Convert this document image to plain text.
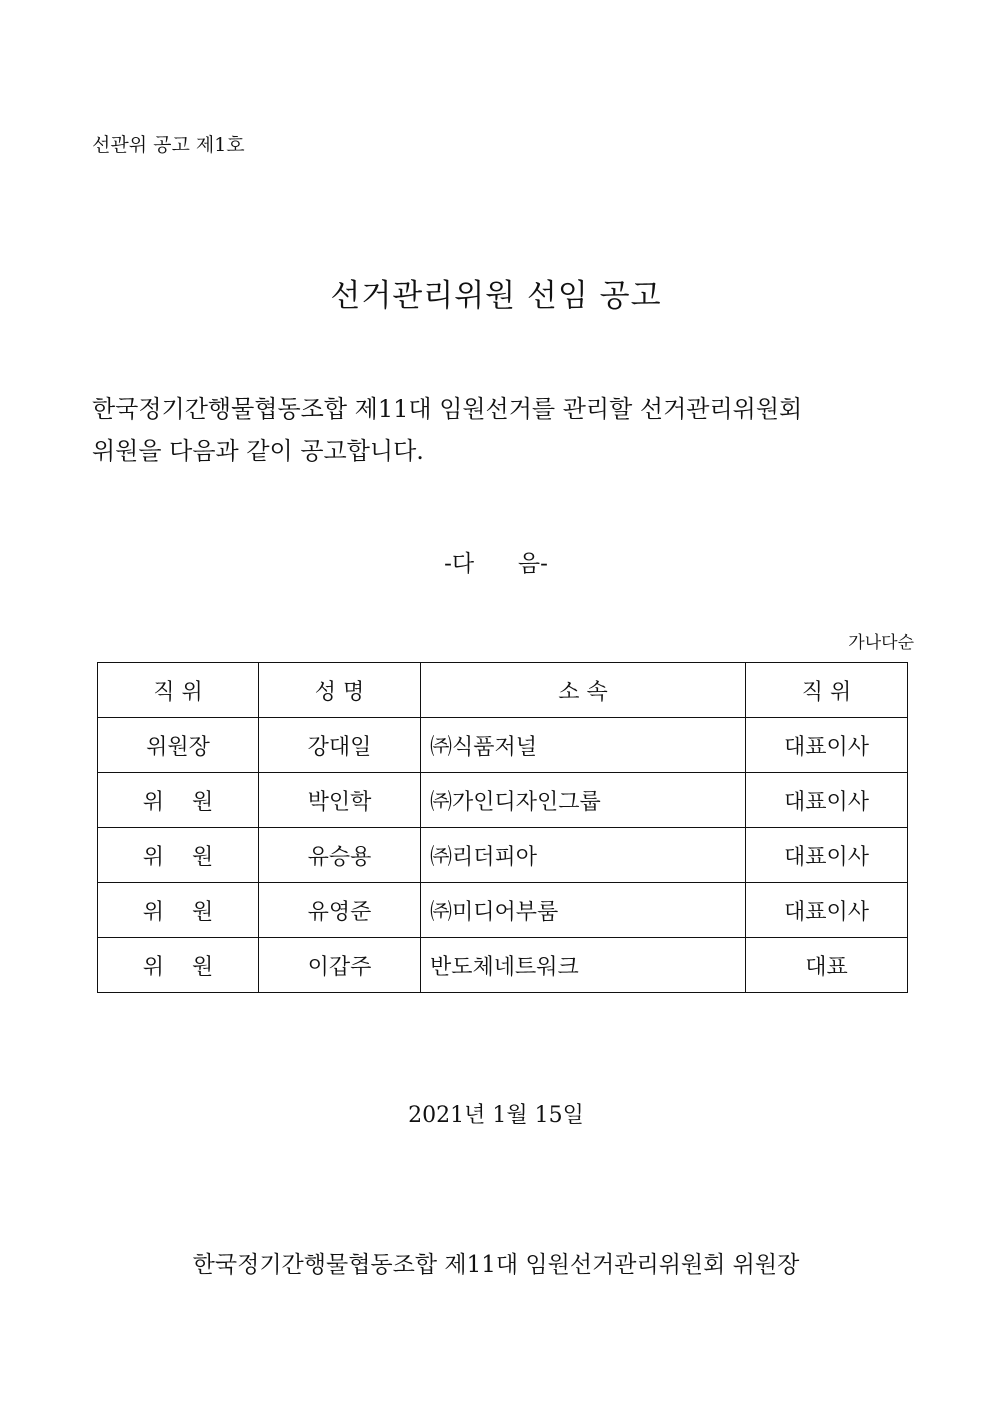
선관위 공고 제1호
선거관리위원 선임 공고
한국정기간행물협동조합 제11대 임원선거를 관리할 선거관리위원회
위원을 다음과 같이 공고합니다.
-다      음-
가나다순
직 위	성 명	소 속	직 위
위원장	강대일	㈜식품저널	대표이사
위    원	박인학	㈜가인디자인그룹	대표이사
위    원	유승용	㈜리더피아	대표이사
위    원	유영준	㈜미디어부룸	대표이사
위    원	이갑주	반도체네트워크	대표
2021년 1월 15일
한국정기간행물협동조합 제11대 임원선거관리위원회 위원장
